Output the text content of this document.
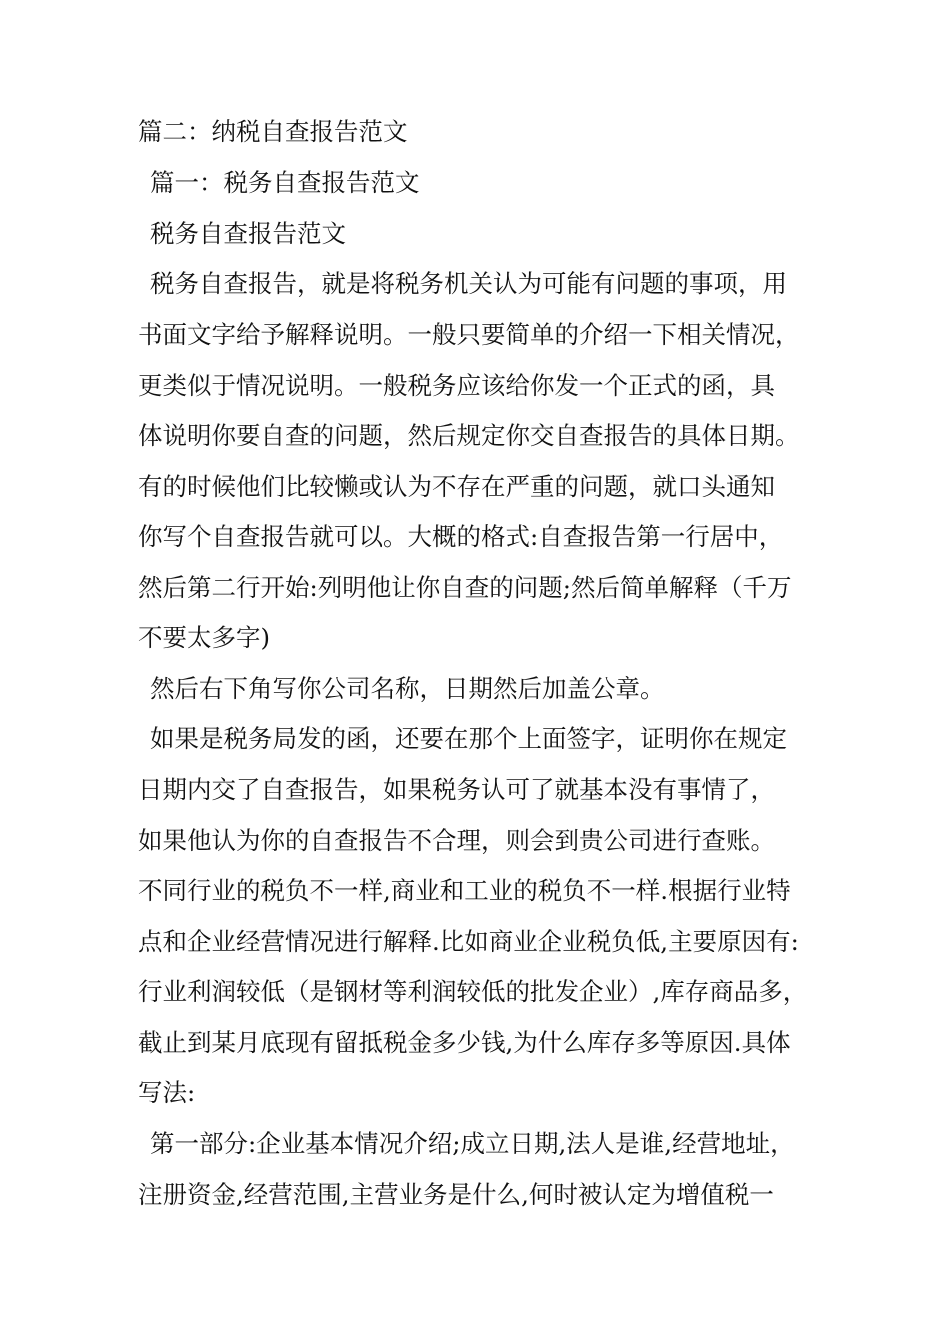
篇二：纳税自查报告范文
篇一：税务自查报告范文
税务自查报告范文
税务自查报告，就是将税务机关认为可能有问题的事项，用
书面文字给予解释说明。一般只要简单的介绍一下相关情况，
更类似于情况说明。一般税务应该给你发一个正式的函，具
体说明你要自查的问题，然后规定你交自查报告的具体日期。
有的时候他们比较懒或认为不存在严重的问题，就口头通知
你写个自查报告就可以。大概的格式:自查报告第一行居中，
然后第二行开始:列明他让你自查的问题;然后简单解释（千万
不要太多字)
然后右下角写你公司名称，日期然后加盖公章。
如果是税务局发的函，还要在那个上面签字，证明你在规定
日期内交了自查报告，如果税务认可了就基本没有事情了，
如果他认为你的自查报告不合理，则会到贵公司进行查账。
不同行业的税负不一样,商业和工业的税负不一样.根据行业特
点和企业经营情况进行解释.比如商业企业税负低,主要原因有:
行业利润较低（是钢材等利润较低的批发企业）,库存商品多，
截止到某月底现有留抵税金多少钱,为什么库存多等原因.具体
写法:
第一部分:企业基本情况介绍;成立日期,法人是谁,经营地址，
注册资金,经营范围,主营业务是什么,何时被认定为增值税一
